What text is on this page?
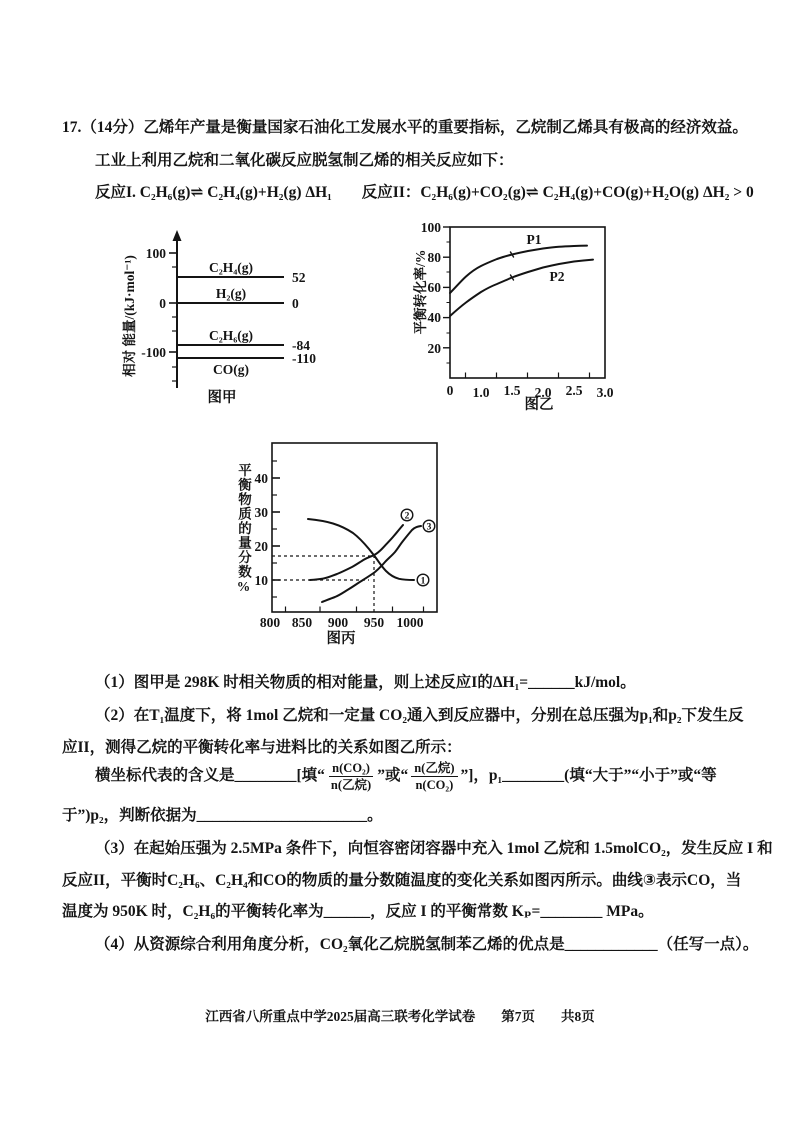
17.（14分）乙烯年产量是衡量国家石油化工发展水平的重要指标，乙烷制乙烯具有极高的经济效益。
工业上利用乙烷和二氧化碳反应脱氢制乙烯的相关反应如下：
反应I. C₂H₆(g)⇌ C₂H₄(g)+H₂(g) ΔH₁ 反应II：C₂H₆(g)+CO₂(g)⇌ C₂H₄(g)+CO(g)+H₂O(g) ΔH₂ > 0
100
0
-100
C₂H₄(g)
H₂(g)
C₂H₆(g)
CO(g)
52
0
-84
-110
图甲
相对 能量/(kJ·mol⁻¹)
100
80
60
40
20
0 1.0 1.5 2.0 2.5 3.0
P1
P2
图乙
平衡转化率/%
40
30
20
10
800 850 900 950 1000
1
2
3
图丙
平衡物质的量分数%
（1）图甲是 298K 时相关物质的相对能量，则上述反应I的ΔH₁=______kJ/mol。
（2）在T₁温度下，将 1mol 乙烷和一定量 CO₂通入到反应器中，分别在总压强为p₁和p₂下发生反
应II，测得乙烷的平衡转化率与进料比的关系如图乙所示：
横坐标代表的含义是________[填“ $\frac{\text{n(CO₂)}}{\text{n(乙烷)}}$ ”或“ $\frac{\text{n(乙烷)}}{\text{n(CO₂)}}$ ”]，p₁________(填“大于”“小于”或“等
于”)p₂，判断依据为______________________。
（3）在起始压强为 2.5MPa 条件下，向恒容密闭容器中充入 1mol 乙烷和 1.5molCO₂，发生反应 I 和
反应II，平衡时C₂H₆、C₂H₄和CO的物质的量分数随温度的变化关系如图丙所示。曲线③表示CO，当
温度为 950K 时，C₂H₆的平衡转化率为______，反应 I 的平衡常数 Kₚ=________ MPa。
（4）从资源综合利用角度分析，CO₂氧化乙烷脱氢制苯乙烯的优点是____________（任写一点）。
江西省八所重点中学2025届高三联考化学试卷 第7页 共8页
